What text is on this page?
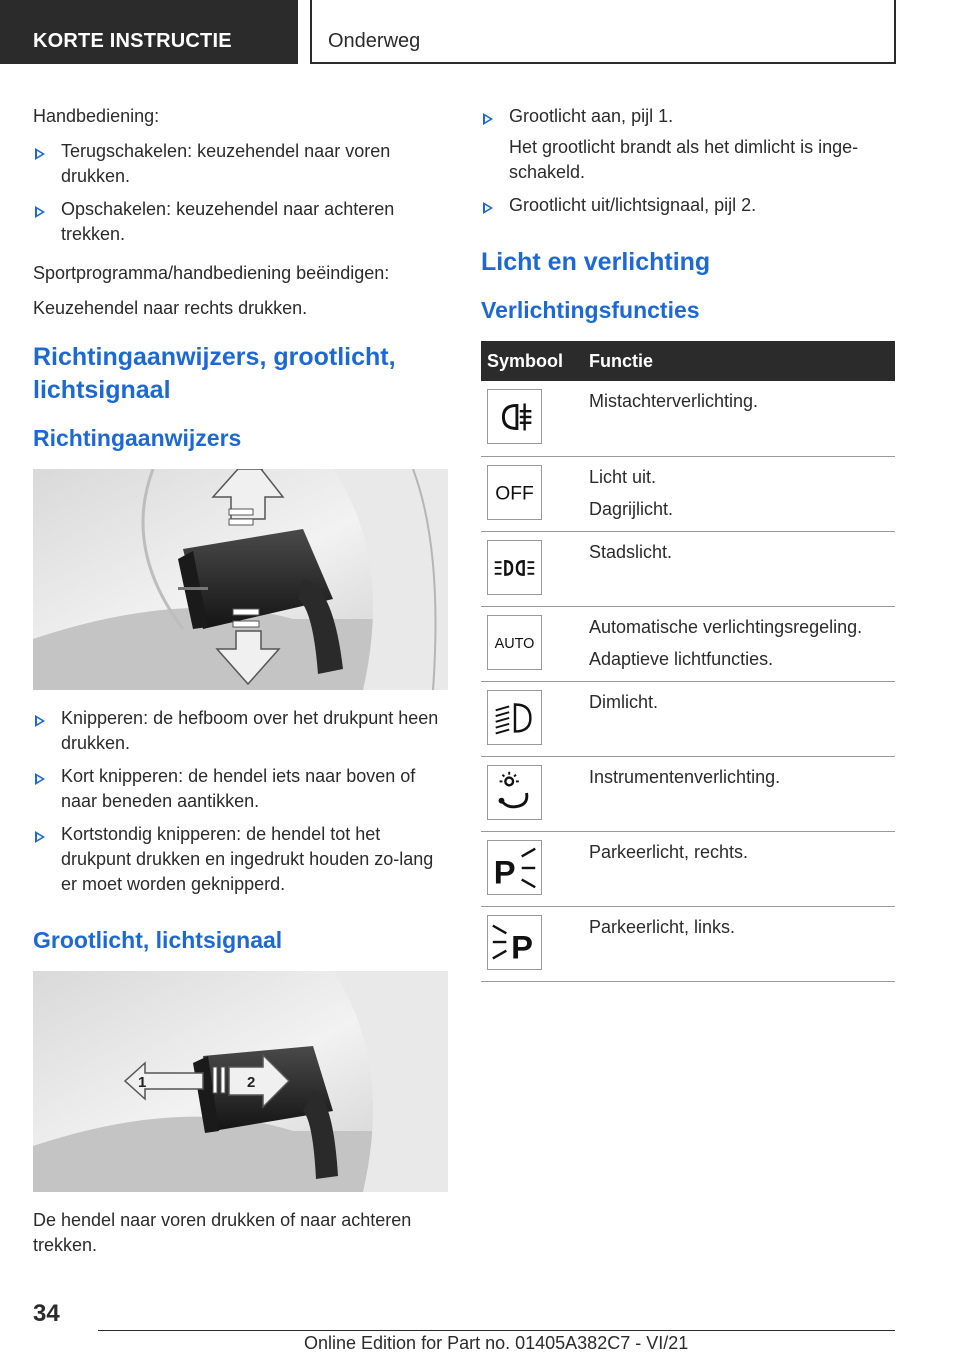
KORTE INSTRUCTIE	Onderweg

Handbediening:

Terugschakelen: keuzehendel naar voren drukken.
Opschakelen: keuzehendel naar achteren trekken.

Sportprogramma/handbediening beëindigen:

Keuzehendel naar rechts drukken.

Richtingaanwijzers, grootlicht, lichtsignaal
Richtingaanwijzers
Knipperen: de hefboom over het drukpunt heen drukken.
Kort knipperen: de hendel iets naar boven of naar beneden aantikken.
Kortstondig knipperen: de hendel tot het drukpunt drukken en ingedrukt houden zo-lang er moet worden geknipperd.
Grootlicht, lichtsignaal
1	2

De hendel naar voren drukken of naar achteren trekken.

Grootlicht aan, pijl 1.
Het grootlicht brandt als het dimlicht is inge-schakeld.
Grootlicht uit/lichtsignaal, pijl 2.
Licht en verlichting
Verlichtingsfuncties
Symbool	Functie

Mistachterverlichting.

OFF	Licht uit.
Dagrijlicht.

Stadslicht.

AUTO	Automatische verlichtingsregeling.
Adaptieve lichtfuncties.

Dimlicht.

Instrumentenverlichting.

P	Parkeerlicht, rechts.

P	Parkeerlicht, links.
34
Online Edition for Part no. 01405A382C7 - VI/21
